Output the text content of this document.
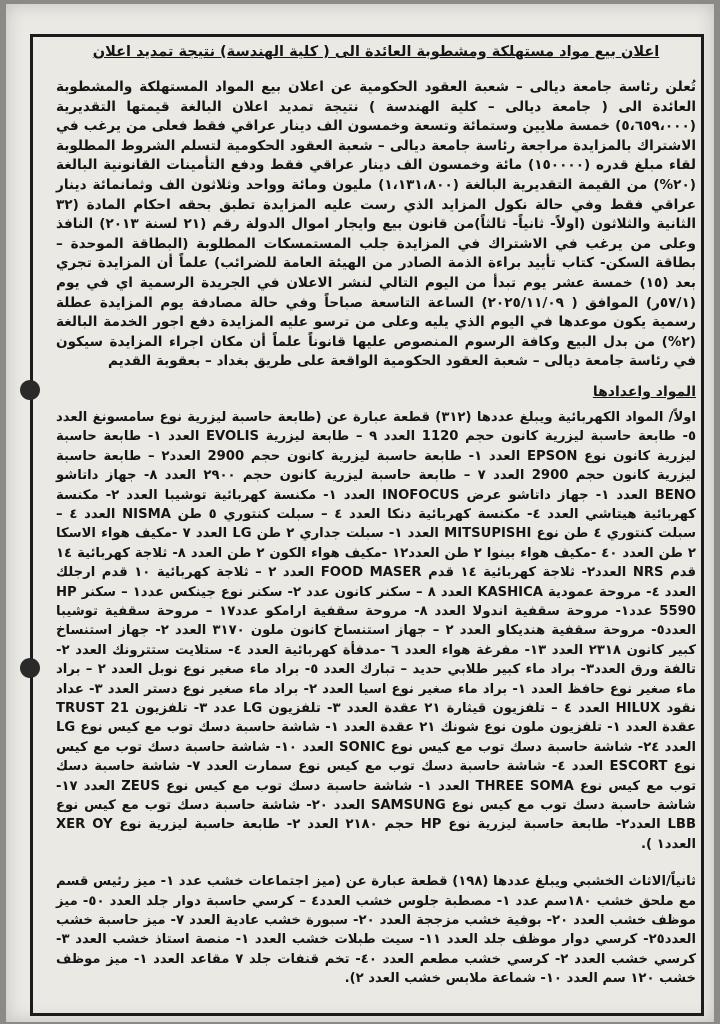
اعلان بيع مواد مستهلكة ومشطوبة العائدة الى ( كلية الهندسة) نتيجة تمديد اعلان

تُعلن رئاسة جامعة ديالى – شعبة العقود الحكومية عن اعلان بيع المواد المستهلكة والمشطوبة العائدة الى ( جامعة ديالى – كلية الهندسة ) نتيجة تمديد اعلان البالغة قيمتها التقديرية (٥،٦٥٩،٠٠٠) خمسة ملايين وستمائة وتسعة وخمسون الف دينار عراقي فقط فعلى من يرغب في الاشتراك بالمزايدة مراجعة رئاسة جامعة ديالى – شعبة العقود الحكومية لتسلم الشروط المطلوبة لقاء مبلغ قدره (١٥٠٠٠٠) مائة وخمسون الف دينار عراقي فقط ودفع التأمينات القانونية البالغة (٢٠%) من القيمة التقديرية البالغة (١،١٣١،٨٠٠) مليون ومائة وواحد وثلاثون الف وثمانمائة دينار عراقي فقط وفي حالة نكول المزايد الذي رست عليه المزايدة تطبق بحقه احكام المادة (٣٢ الثانية والثلاثون (اولاً- ثانياً- ثالثاً)من قانون بيع وايجار اموال الدولة رقم (٢١ لسنة ٢٠١٣) النافذ وعلى من يرغب في الاشتراك في المزايدة جلب المستمسكات المطلوبة (البطاقة الموحدة – بطاقة السكن- كتاب تأييد براءة الذمة الصادر من الهيئة العامة للضرائب) علماً أن المزايدة تجري بعد (١٥) خمسة عشر يوم تبدأ من اليوم التالي لنشر الاعلان في الجريدة الرسمية اي في يوم (٥٧/١ر) الموافق ( ٢٠٢٥/١١/٠٩) الساعة التاسعة صباحاً وفي حالة مصادفة يوم المزايدة عطلة رسمية يكون موعدها في اليوم الذي يليه وعلى من ترسو عليه المزايدة دفع اجور الخدمة البالغة (٢%) من بدل البيع وكافة الرسوم المنصوص عليها قانوناً علماً أن مكان اجراء المزايدة سيكون في رئاسة جامعة ديالى – شعبة العقود الحكومية الواقعة على طريق بغداد – بعقوبة القديم

المواد واعدادها

اولاً/ المواد الكهربائية ويبلغ عددها (٣١٢) قطعة عبارة عن (طابعة حاسبة ليزرية نوع سامسونغ العدد ٥- طابعة حاسبة ليزرية كانون حجم 1120 العدد ٩ – طابعة ليزرية EVOLIS العدد ١- طابعة حاسبة ليزرية كانون نوع EPSON العدد ١- طابعة حاسبة ليزرية كانون حجم 2900 العدد٢ – طابعة حاسبة ليزرية كانون حجم 2900 العدد ٧ – طابعة حاسبة ليزرية كانون حجم ٢٩٠٠ العدد ٨- جهاز داتاشو BENO العدد ١- جهاز داتاشو عرض INOFOCUS العدد ١- مكنسة كهربائية توشيبا العدد ٢- مكنسة كهربائية هيتاشي العدد ٤- مكنسة كهربائية دنكا العدد ٤ – سبلت كنتوري ٥ طن NISMA العدد ٤ – سبلت كنتوري ٤ طن نوع MITSUPISHI العدد ١- سبلت جداري ٢ طن LG العدد ٧ -مكيف هواء الاسكا ٢ طن العدد ٤٠ -مكيف هواء بينوا ٢ طن العدد١٢ -مكيف هواء الكون ٢ طن العدد ٨- ثلاجة كهربائية ١٤ قدم NRS العدد٢- ثلاجة كهربائية ١٤ قدم FOOD MASER العدد ٢ – ثلاجة كهربائية ١٠ قدم ارجلك العدد ٤- مروحة عمودية KASHICA العدد ٨ – سكنر كانون عدد ٢- سكنر نوع جينكس عدد١ – سكنر HP 5590 عدد١- مروحة سقفية اندولا العدد ٨- مروحة سقفية ارامكو عدد١٧ – مروحة سقفية توشيبا العدد٥- مروحة سقفية هنديكاو العدد ٢ – جهاز استنساخ كانون ملون ٣١٧٠ العدد ٢- جهاز استنساخ كبير كانون ٢٣١٨ العدد ١٣- مفرغة هواء العدد ٦ -مدفأة كهربائية العدد ٤- ستلايت ستترونك العدد ٢- تالفة ورق العدد٣- براد ماء كبير طلابي حديد – تبارك العدد ٥- براد ماء صغير نوع نوبل العدد ٢ – براد ماء صغير نوع حافظ العدد ١- براد ماء صغير نوع اسيا العدد ٢- براد ماء صغير نوع دستر العدد ٣- عداد نقود HILUX العدد ٤ – تلفزيون قيثارة ٢١ عقدة العدد ٣- تلفزيون LG عدد ٣- تلفزيون TRUST 21 عقدة العدد ١- تلفزيون ملون نوع شونك ٢١ عقدة العدد ١- شاشة حاسبة دسك توب مع كيس نوع LG العدد ٢٤- شاشة حاسبة دسك توب مع كيس نوع SONIC العدد ١٠- شاشة حاسبة دسك توب مع كيس نوع ESCORT العدد ٤- شاشة حاسبة دسك توب مع كيس نوع سمارت العدد ٧- شاشة حاسبة دسك توب مع كيس نوع THREE SOMA العدد ١- شاشة حاسبة دسك توب مع كيس نوع ZEUS العدد ١٧- شاشة حاسبة دسك توب مع كيس نوع SAMSUNG العدد ٢٠- شاشة حاسبة دسك توب مع كيس نوع LBB العدد٢- طابعة حاسبة ليزرية نوع HP حجم ٢١٨٠ العدد ٢- طابعة حاسبة ليزرية نوع XER OY العدد١ ).

ثانياً/الاثاث الخشبي ويبلغ عددها (١٩٨) قطعة عبارة عن (ميز اجتماعات خشب عدد ١- ميز رئيس قسم مع ملحق خشب ١٨٠سم عدد ١- مصطبة جلوس خشب العدد٤ – كرسي حاسبة دوار جلد العدد ٥٠- ميز موظف خشب العدد ٢٠- بوفية خشب مزججة العدد ٢٠- سبورة خشب عادية العدد ٧- ميز حاسبة خشب العدد٢٥- كرسي دوار موظف جلد العدد ١١- سيت طبلات خشب العدد ١- منصة استاذ خشب العدد ٣- كرسي خشب العدد ٢- كرسي خشب مطعم العدد ٤٠- تخم قنفات جلد ٧ مقاعد العدد ١- ميز موظف خشب ١٢٠ سم العدد ١٠- شماعة ملابس خشب العدد ٢).
